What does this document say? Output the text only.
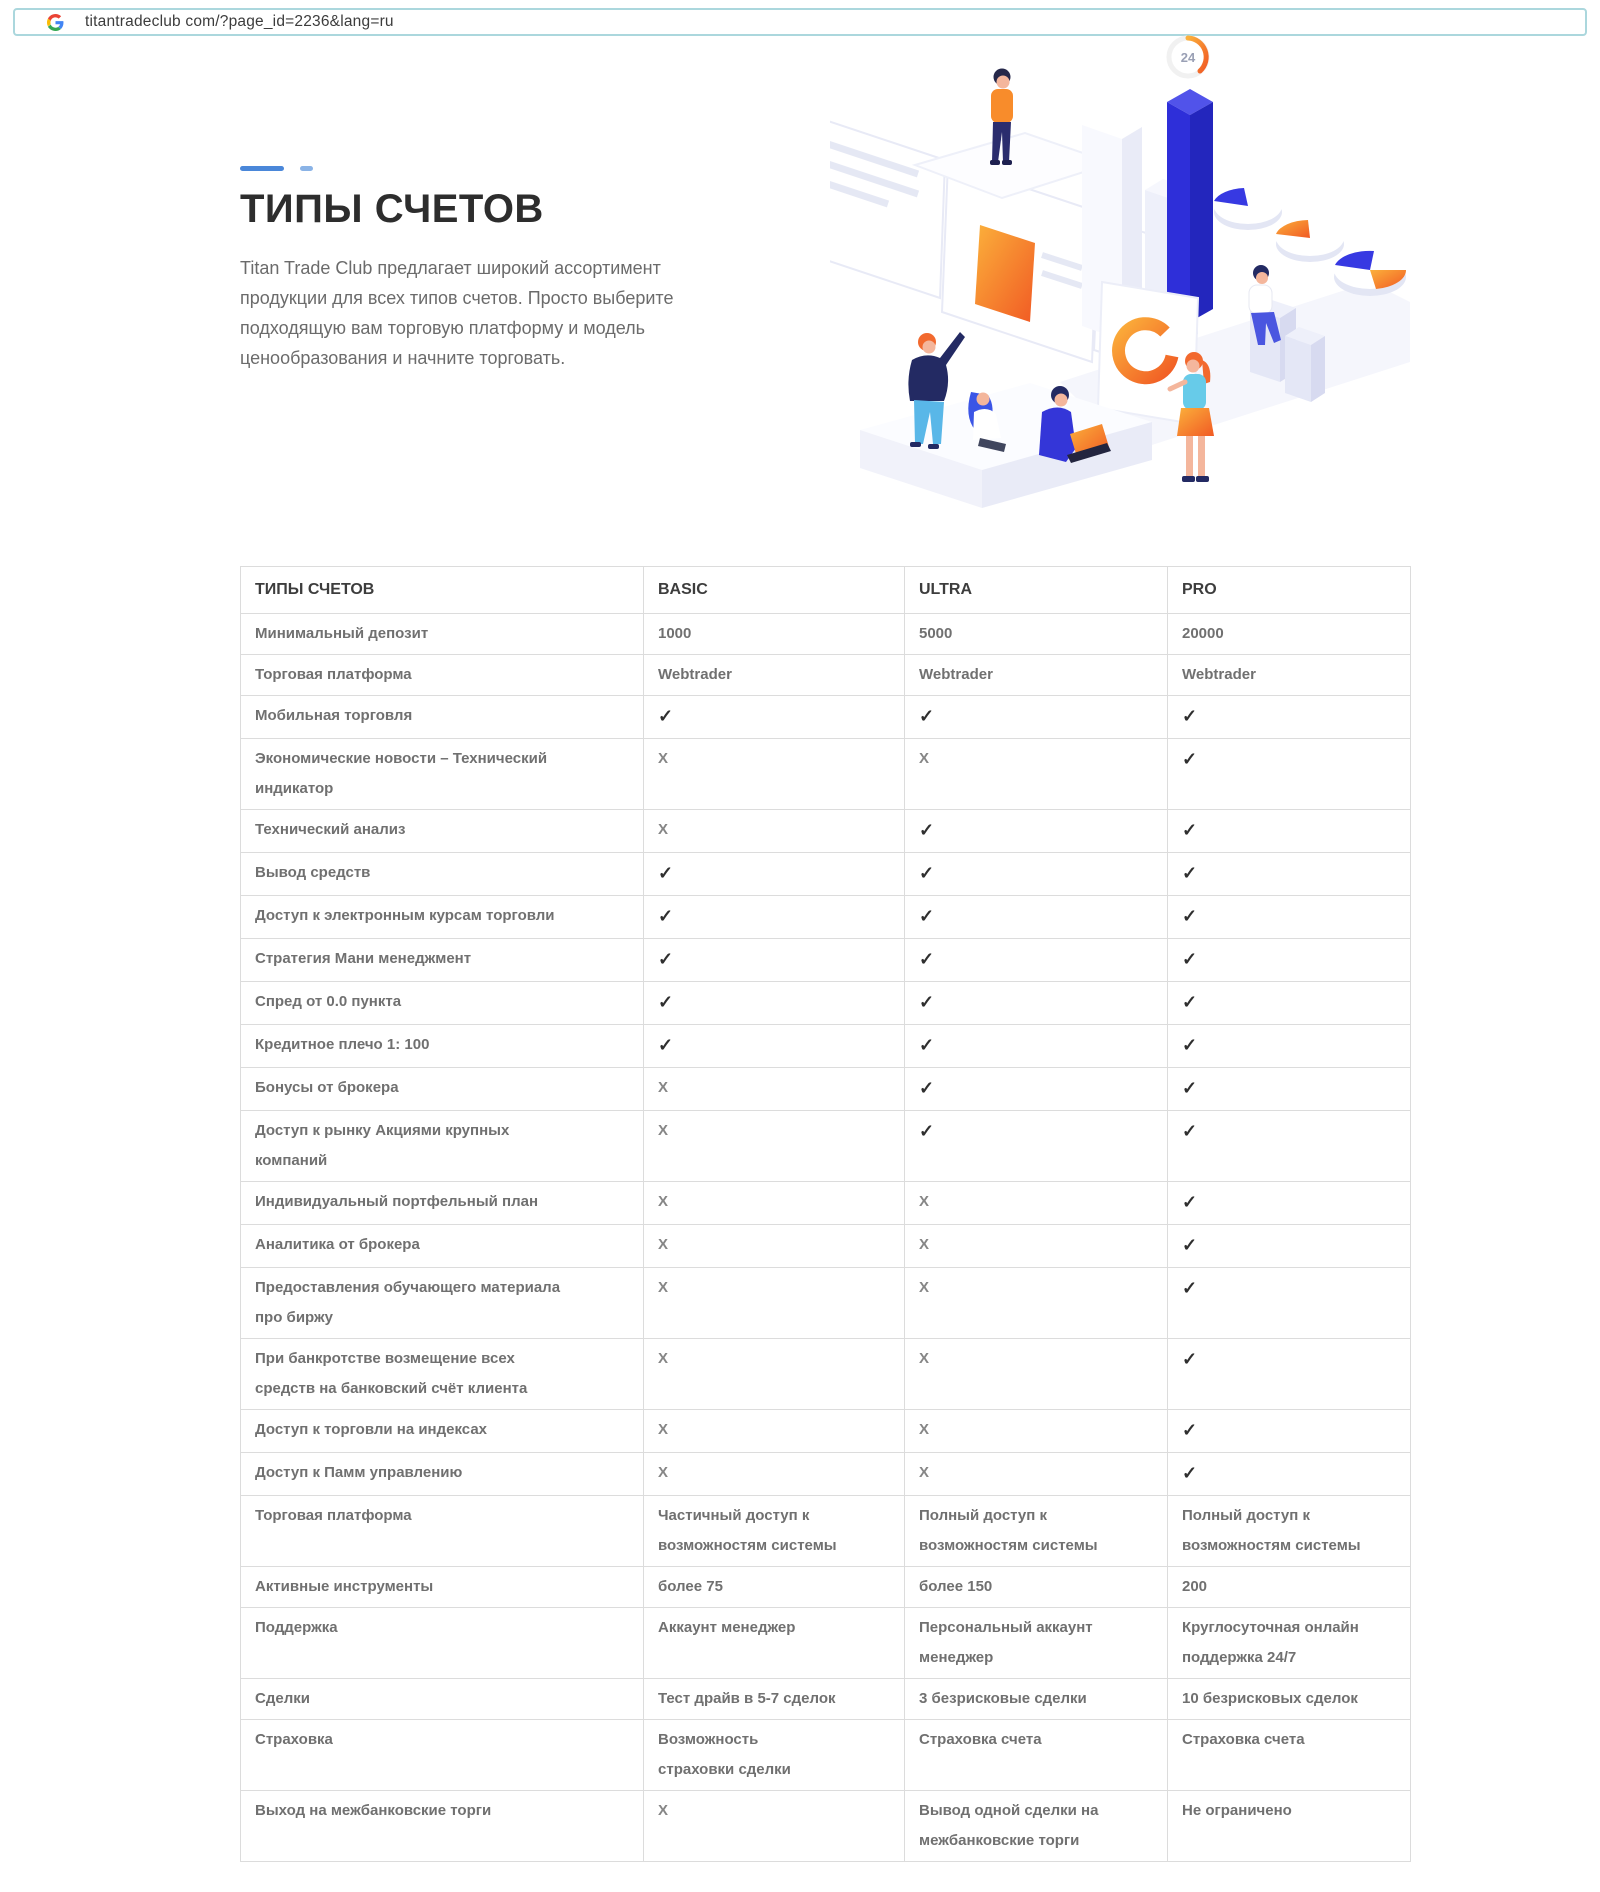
titantradeclub com/?page_id=2236&lang=ru
ТИПЫ СЧЕТОВ

Titan Trade Club предлагает широкий ассортимент продукции для всех типов счетов. Просто выберите подходящую вам торговую платформу и модель ценообразования и начните торговать.

24
ТИПЫ СЧЕТОВ	BASIC	ULTRA	PRO
Минимальный депозит	1000	5000	20000
Торговая платформа	Webtrader	Webtrader	Webtrader
Мобильная торговля	✓	✓	✓
Экономические новости – Технический индикатор	X	X	✓
Технический анализ	X	✓	✓
Вывод средств	✓	✓	✓
Доступ к электронным курсам торговли	✓	✓	✓
Стратегия Мани менеджмент	✓	✓	✓
Спред от 0.0 пункта	✓	✓	✓
Кредитное плечо 1: 100	✓	✓	✓
Бонусы от брокера	X	✓	✓
Доступ к рынку Акциями крупных компаний	X	✓	✓
Индивидуальный портфельный план	X	X	✓
Аналитика от брокера	X	X	✓
Предоставления обучающего материала про биржу	X	X	✓
При банкротстве возмещение всех средств на банковский счёт клиента	X	X	✓
Доступ к торговли на индексах	X	X	✓
Доступ к Памм управлению	X	X	✓
Торговая платформа	Частичный доступ к возможностям системы	Полный доступ к возможностям системы	Полный доступ к возможностям системы
Активные инструменты	более 75	более 150	200
Поддержка	Аккаунт менеджер	Персональный аккаунт менеджер	Круглосуточная онлайн поддержка 24/7
Сделки	Тест драйв в 5-7 сделок	3 безрисковые сделки	10 безрисковых сделок
Страховка	Возможность страховки сделки	Страховка счета	Страховка счета
Выход на межбанковские торги	X	Вывод одной сделки на межбанковские торги	Не ограничено
